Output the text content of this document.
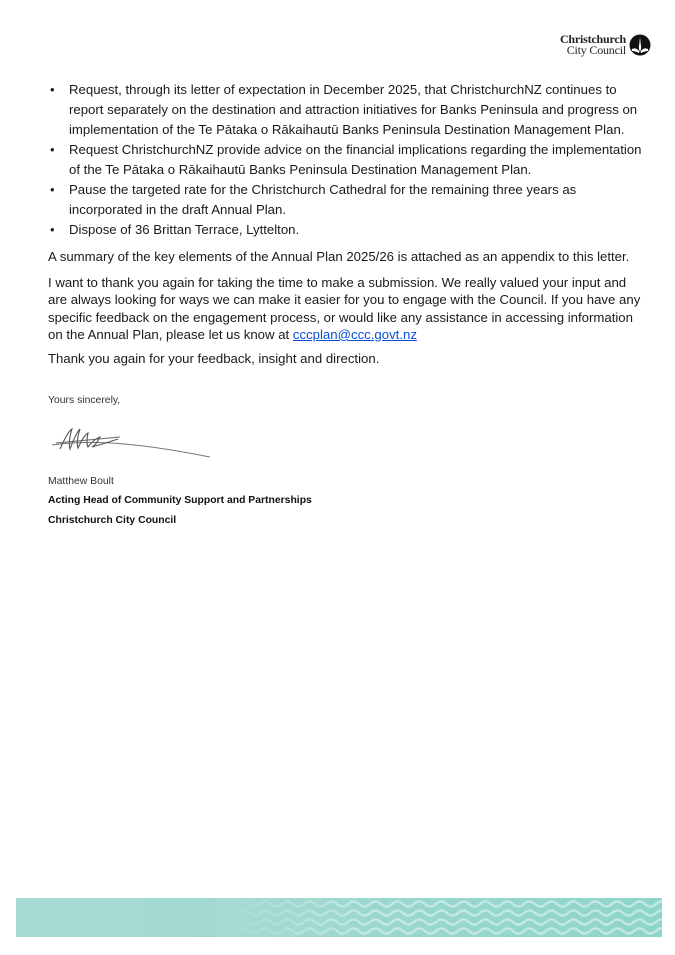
Christchurch
City Council
• Request, through its letter of expectation in December 2025, that ChristchurchNZ continues to report separately on the destination and attraction initiatives for Banks Peninsula and progress on implementation of the Te Pātaka o Rākaihautū Banks Peninsula Destination Management Plan.
• Request ChristchurchNZ provide advice on the financial implications regarding the implementation of the Te Pātaka o Rākaihautū Banks Peninsula Destination Management Plan.
• Pause the targeted rate for the Christchurch Cathedral for the remaining three years as incorporated in the draft Annual Plan.
• Dispose of 36 Brittan Terrace, Lyttelton.

A summary of the key elements of the Annual Plan 2025/26 is attached as an appendix to this letter.

I want to thank you again for taking the time to make a submission. We really valued your input and are always looking for ways we can make it easier for you to engage with the Council. If you have any specific feedback on the engagement process, or would like any assistance in accessing information on the Annual Plan, please let us know at cccplan@ccc.govt.nz

Thank you again for your feedback, insight and direction.

Yours sincerely,
Matthew Boult
Acting Head of Community Support and Partnerships
Christchurch City Council
